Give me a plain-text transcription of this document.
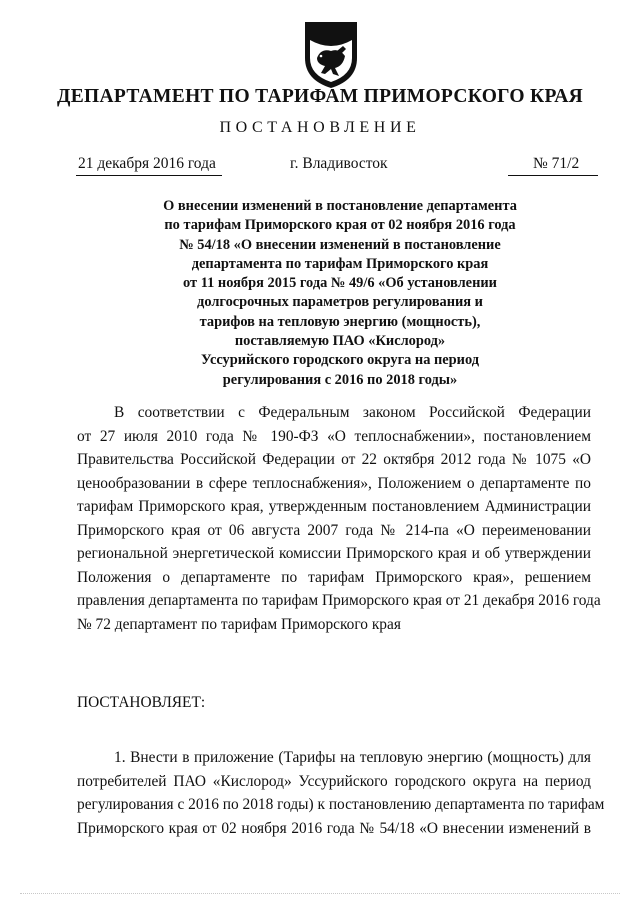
ДЕПАРТАМЕНТ ПО ТАРИФАМ ПРИМОРСКОГО КРАЯ
ПОСТАНОВЛЕНИЕ
21 декабря 2016 года	г. Владивосток	№ 71/2
О внесении изменений в постановление департамента
по тарифам Приморского края от 02 ноября 2016 года
№ 54/18 «О внесении изменений в постановление
департамента по тарифам Приморского края
от 11 ноября 2015 года № 49/6 «Об установлении
долгосрочных параметров регулирования и
тарифов на тепловую энергию (мощность),
поставляемую ПАО «Кислород»
Уссурийского городского округа на период
регулирования с 2016 по 2018 годы»
В соответствии с Федеральным законом Российской Федерации
от 27 июля 2010 года № 190-ФЗ «О теплоснабжении», постановлением
Правительства Российской Федерации от 22 октября 2012 года № 1075 «О
ценообразовании в сфере теплоснабжения», Положением о департаменте по
тарифам Приморского края, утвержденным постановлением Администрации
Приморского края от 06 августа 2007 года № 214-па «О переименовании
региональной энергетической комиссии Приморского края и об утверждении
Положения о департаменте по тарифам Приморского края», решением
правления департамента по тарифам Приморского края от 21 декабря 2016 года
№ 72 департамент по тарифам Приморского края
ПОСТАНОВЛЯЕТ:
1. Внести в приложение (Тарифы на тепловую энергию (мощность) для
потребителей ПАО «Кислород» Уссурийского городского округа на период
регулирования с 2016 по 2018 годы) к постановлению департамента по тарифам
Приморского края от 02 ноября 2016 года № 54/18 «О внесении изменений в
